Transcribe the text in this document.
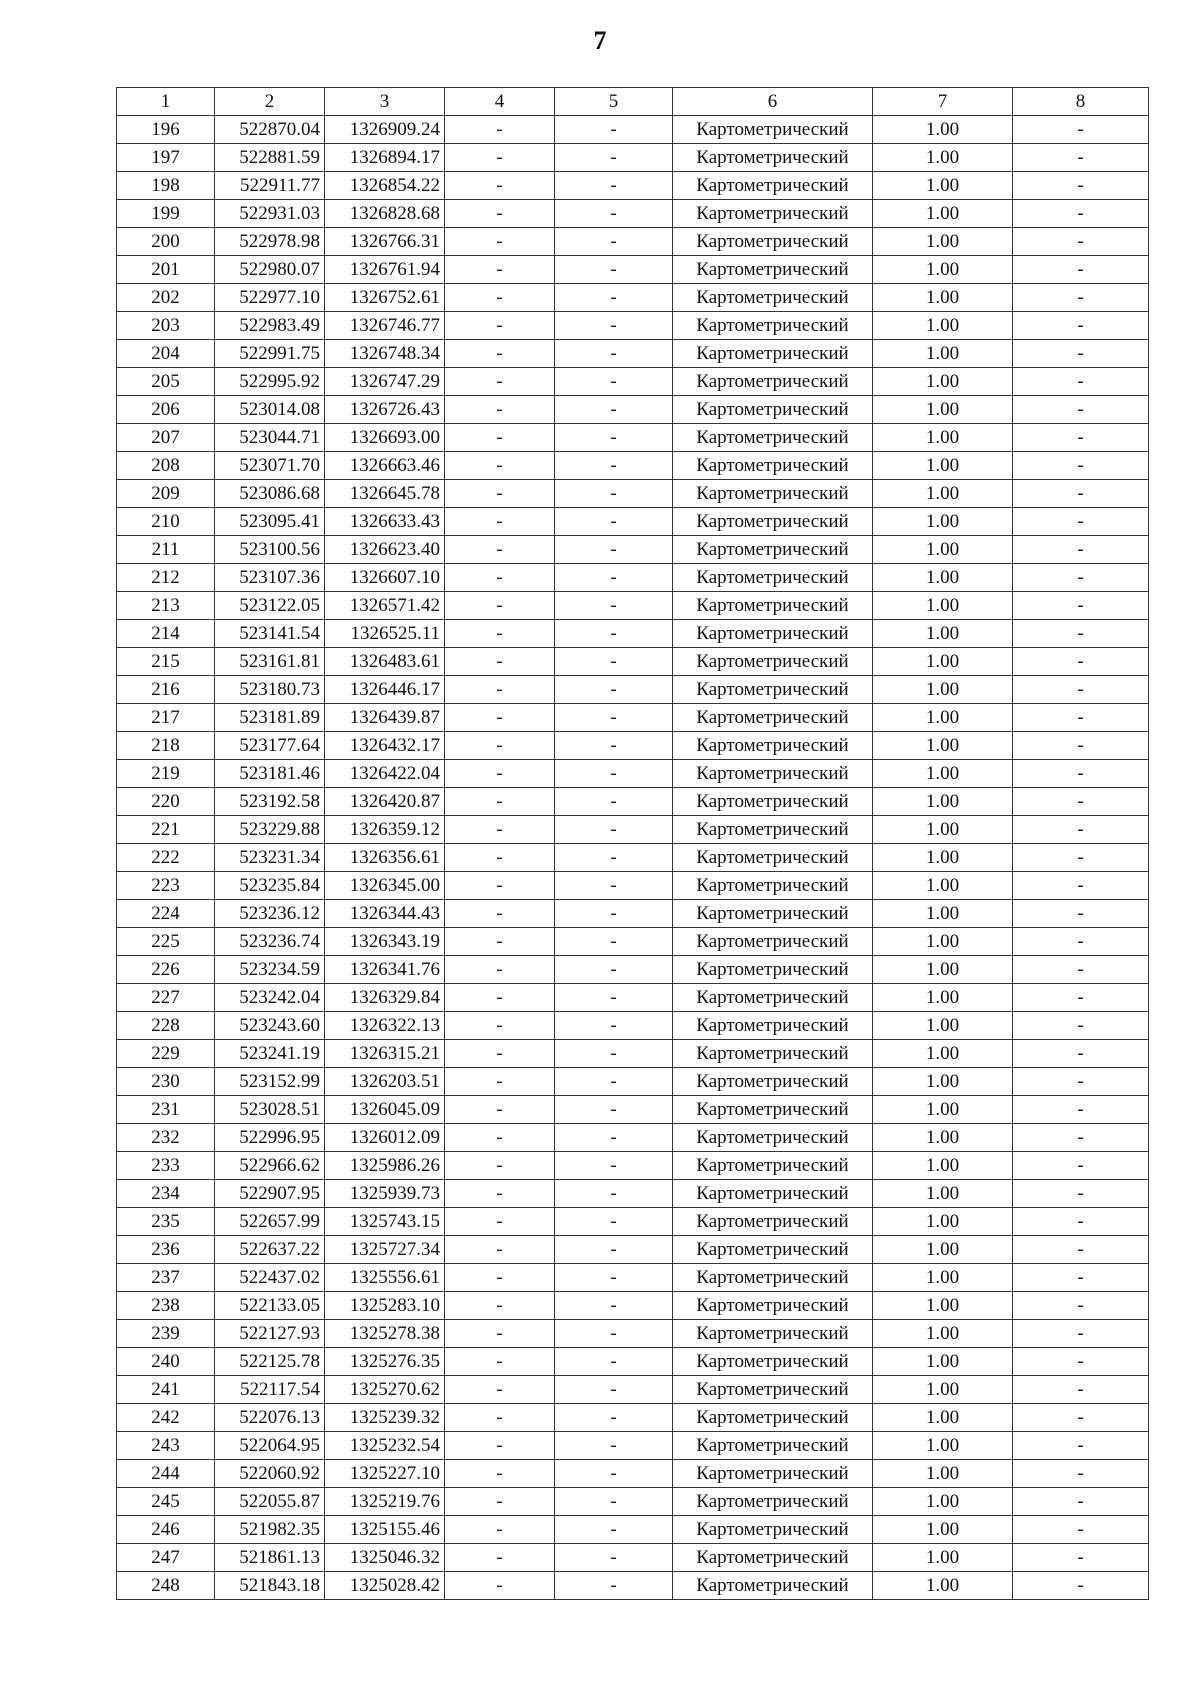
7
1	2	3	4	5	6	7	8
196	522870.04	1326909.24	-	-	Картометрический	1.00	-
197	522881.59	1326894.17	-	-	Картометрический	1.00	-
198	522911.77	1326854.22	-	-	Картометрический	1.00	-
199	522931.03	1326828.68	-	-	Картометрический	1.00	-
200	522978.98	1326766.31	-	-	Картометрический	1.00	-
201	522980.07	1326761.94	-	-	Картометрический	1.00	-
202	522977.10	1326752.61	-	-	Картометрический	1.00	-
203	522983.49	1326746.77	-	-	Картометрический	1.00	-
204	522991.75	1326748.34	-	-	Картометрический	1.00	-
205	522995.92	1326747.29	-	-	Картометрический	1.00	-
206	523014.08	1326726.43	-	-	Картометрический	1.00	-
207	523044.71	1326693.00	-	-	Картометрический	1.00	-
208	523071.70	1326663.46	-	-	Картометрический	1.00	-
209	523086.68	1326645.78	-	-	Картометрический	1.00	-
210	523095.41	1326633.43	-	-	Картометрический	1.00	-
211	523100.56	1326623.40	-	-	Картометрический	1.00	-
212	523107.36	1326607.10	-	-	Картометрический	1.00	-
213	523122.05	1326571.42	-	-	Картометрический	1.00	-
214	523141.54	1326525.11	-	-	Картометрический	1.00	-
215	523161.81	1326483.61	-	-	Картометрический	1.00	-
216	523180.73	1326446.17	-	-	Картометрический	1.00	-
217	523181.89	1326439.87	-	-	Картометрический	1.00	-
218	523177.64	1326432.17	-	-	Картометрический	1.00	-
219	523181.46	1326422.04	-	-	Картометрический	1.00	-
220	523192.58	1326420.87	-	-	Картометрический	1.00	-
221	523229.88	1326359.12	-	-	Картометрический	1.00	-
222	523231.34	1326356.61	-	-	Картометрический	1.00	-
223	523235.84	1326345.00	-	-	Картометрический	1.00	-
224	523236.12	1326344.43	-	-	Картометрический	1.00	-
225	523236.74	1326343.19	-	-	Картометрический	1.00	-
226	523234.59	1326341.76	-	-	Картометрический	1.00	-
227	523242.04	1326329.84	-	-	Картометрический	1.00	-
228	523243.60	1326322.13	-	-	Картометрический	1.00	-
229	523241.19	1326315.21	-	-	Картометрический	1.00	-
230	523152.99	1326203.51	-	-	Картометрический	1.00	-
231	523028.51	1326045.09	-	-	Картометрический	1.00	-
232	522996.95	1326012.09	-	-	Картометрический	1.00	-
233	522966.62	1325986.26	-	-	Картометрический	1.00	-
234	522907.95	1325939.73	-	-	Картометрический	1.00	-
235	522657.99	1325743.15	-	-	Картометрический	1.00	-
236	522637.22	1325727.34	-	-	Картометрический	1.00	-
237	522437.02	1325556.61	-	-	Картометрический	1.00	-
238	522133.05	1325283.10	-	-	Картометрический	1.00	-
239	522127.93	1325278.38	-	-	Картометрический	1.00	-
240	522125.78	1325276.35	-	-	Картометрический	1.00	-
241	522117.54	1325270.62	-	-	Картометрический	1.00	-
242	522076.13	1325239.32	-	-	Картометрический	1.00	-
243	522064.95	1325232.54	-	-	Картометрический	1.00	-
244	522060.92	1325227.10	-	-	Картометрический	1.00	-
245	522055.87	1325219.76	-	-	Картометрический	1.00	-
246	521982.35	1325155.46	-	-	Картометрический	1.00	-
247	521861.13	1325046.32	-	-	Картометрический	1.00	-
248	521843.18	1325028.42	-	-	Картометрический	1.00	-
